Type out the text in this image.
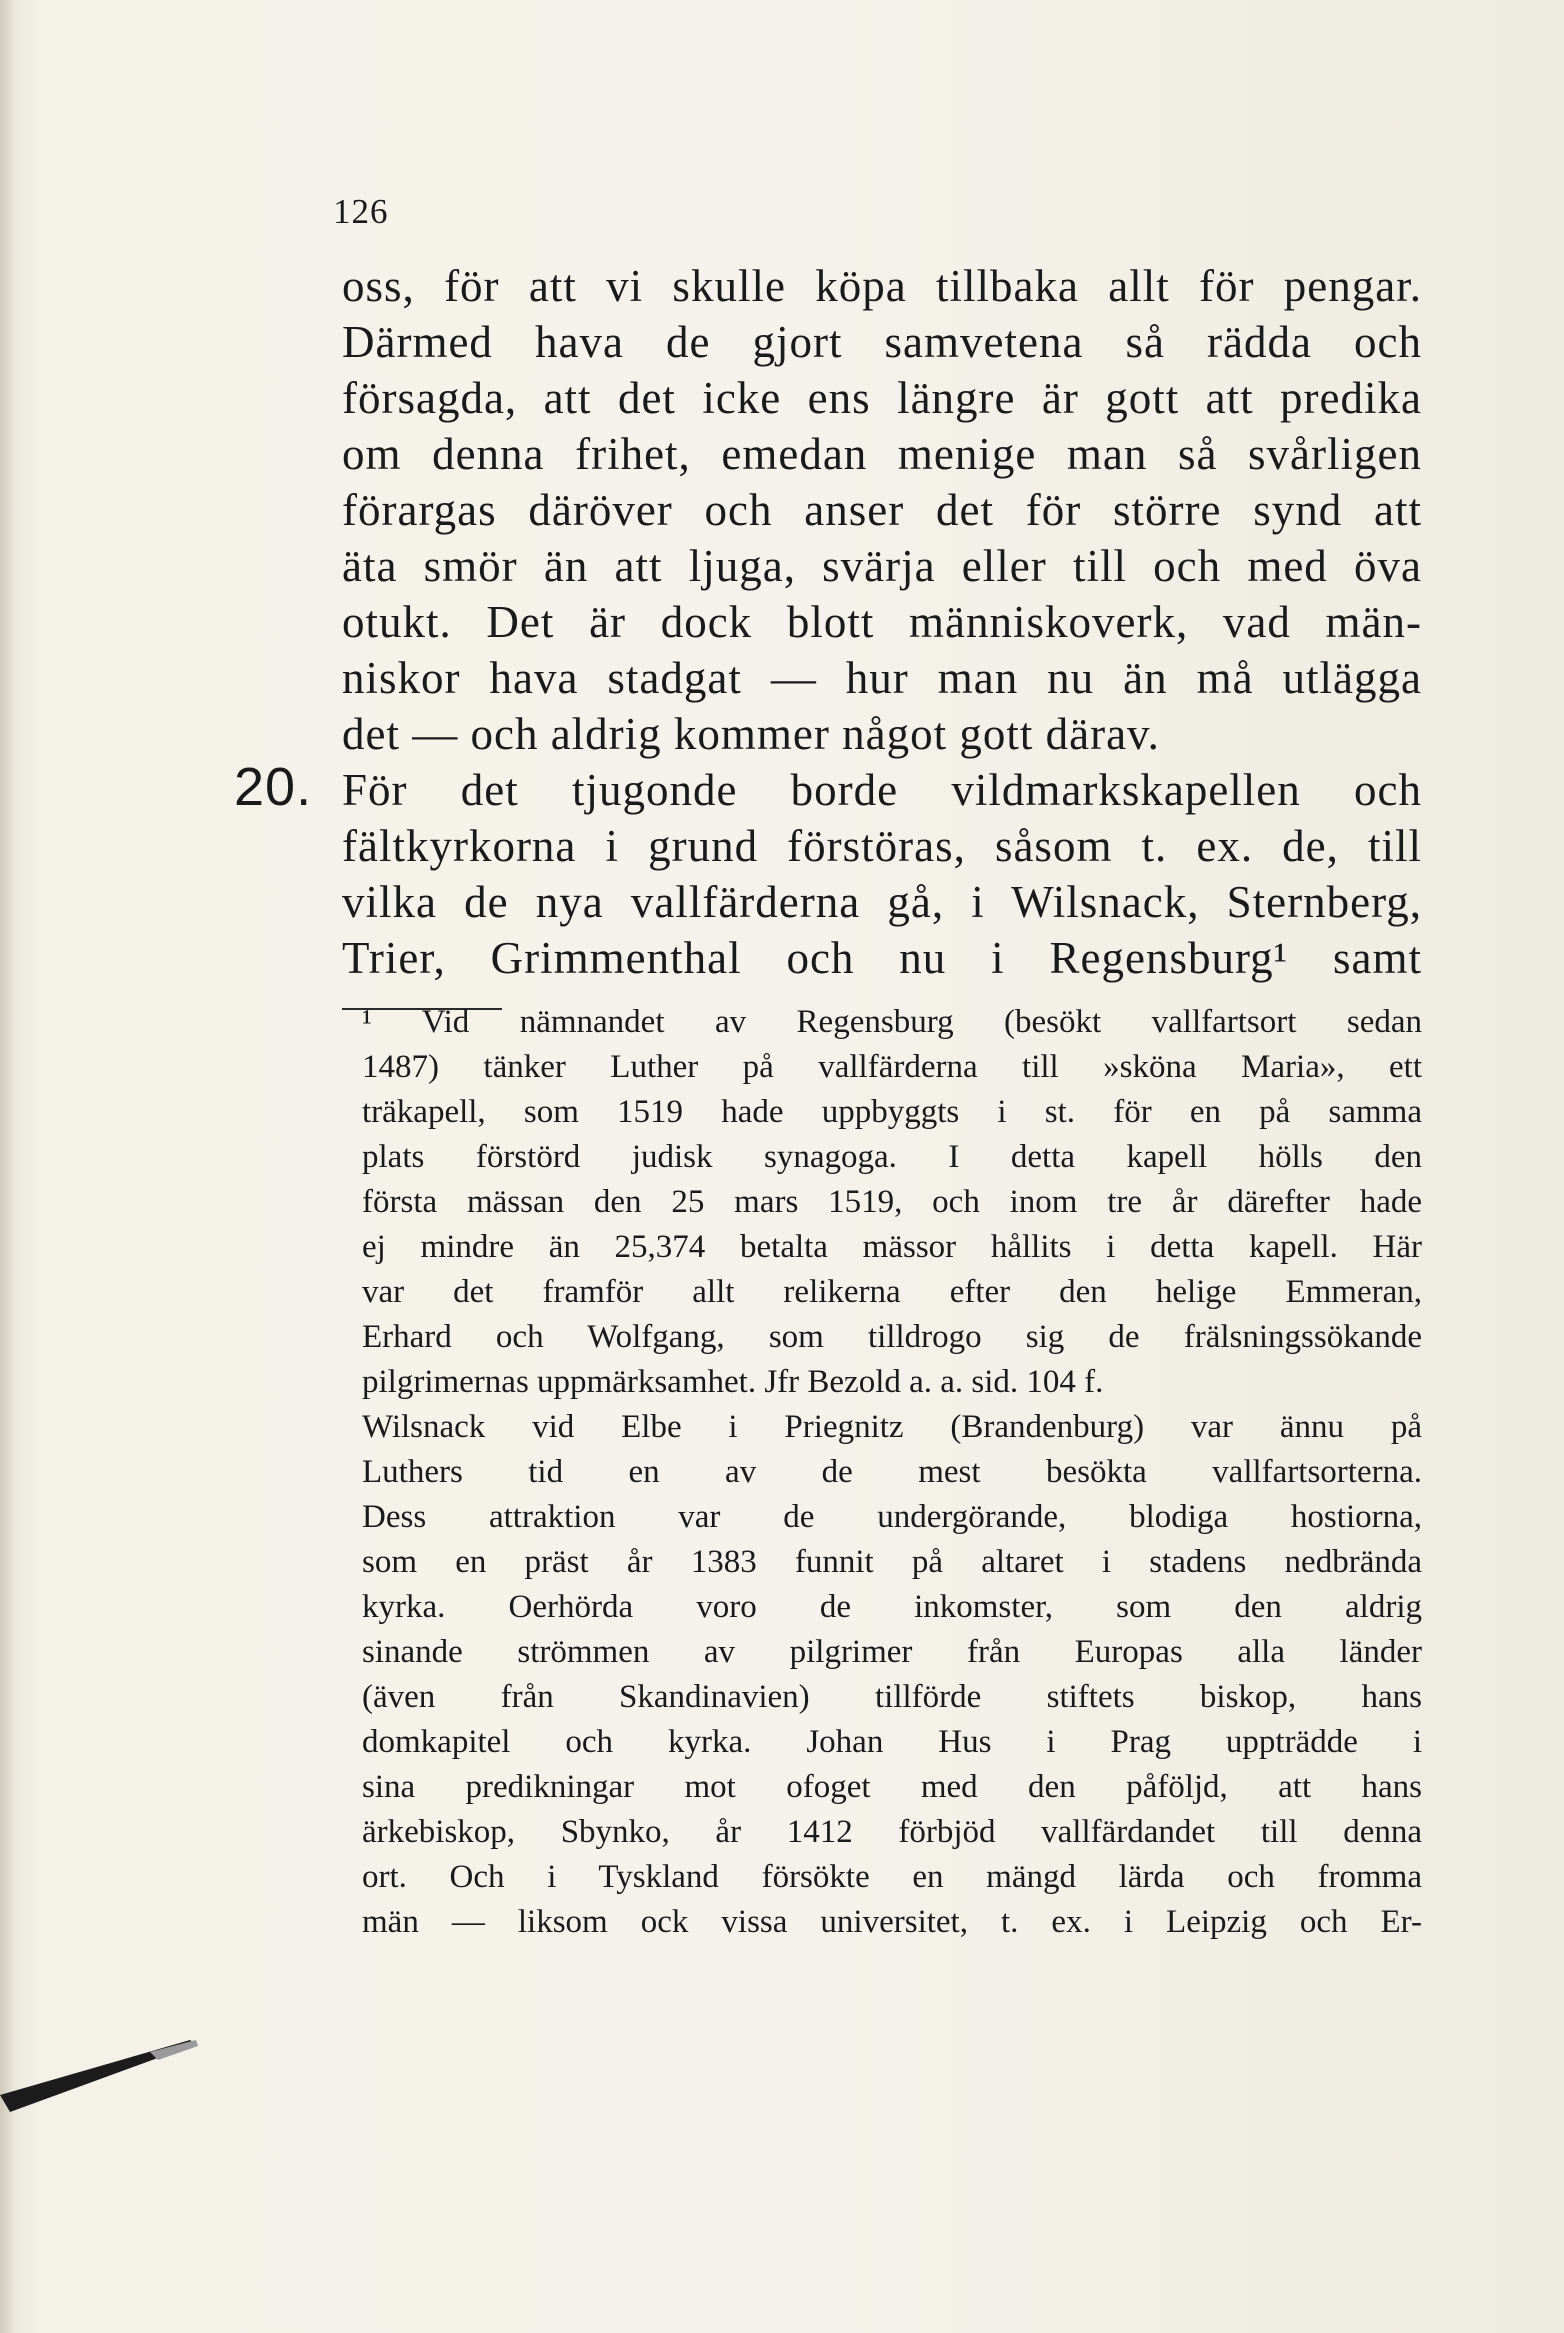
126
20.
oss, för att vi skulle köpa tillbaka allt för pengar.
Därmed hava de gjort samvetena så rädda och
försagda, att det icke ens längre är gott att predika
om denna frihet, emedan menige man så svårligen
förargas däröver och anser det för större synd att
äta smör än att ljuga, svärja eller till och med öva
otukt. Det är dock blott människoverk, vad män-
niskor hava stadgat — hur man nu än må utlägga
det — och aldrig kommer något gott därav.
För det tjugonde borde vildmarkskapellen och
fältkyrkorna i grund förstöras, såsom t. ex. de, till
vilka de nya vallfärderna gå, i Wilsnack, Sternberg,
Trier, Grimmenthal och nu i Regensburg¹ samt
¹ Vid nämnandet av Regensburg (besökt vallfartsort sedan
1487) tänker Luther på vallfärderna till »sköna Maria», ett
träkapell, som 1519 hade uppbyggts i st. för en på samma
plats förstörd judisk synagoga. I detta kapell hölls den
första mässan den 25 mars 1519, och inom tre år därefter hade
ej mindre än 25,374 betalta mässor hållits i detta kapell. Här
var det framför allt relikerna efter den helige Emmeran,
Erhard och Wolfgang, som tilldrogo sig de frälsningssökande
pilgrimernas uppmärksamhet. Jfr Bezold a. a. sid. 104 f.
Wilsnack vid Elbe i Priegnitz (Brandenburg) var ännu på
Luthers tid en av de mest besökta vallfartsorterna.
Dess attraktion var de undergörande, blodiga hostiorna,
som en präst år 1383 funnit på altaret i stadens nedbrända
kyrka. Oerhörda voro de inkomster, som den aldrig
sinande strömmen av pilgrimer från Europas alla länder
(även från Skandinavien) tillförde stiftets biskop, hans
domkapitel och kyrka. Johan Hus i Prag uppträdde i
sina predikningar mot ofoget med den påföljd, att hans
ärkebiskop, Sbynko, år 1412 förbjöd vallfärdandet till denna
ort. Och i Tyskland försökte en mängd lärda och fromma
män — liksom ock vissa universitet, t. ex. i Leipzig och Er-
